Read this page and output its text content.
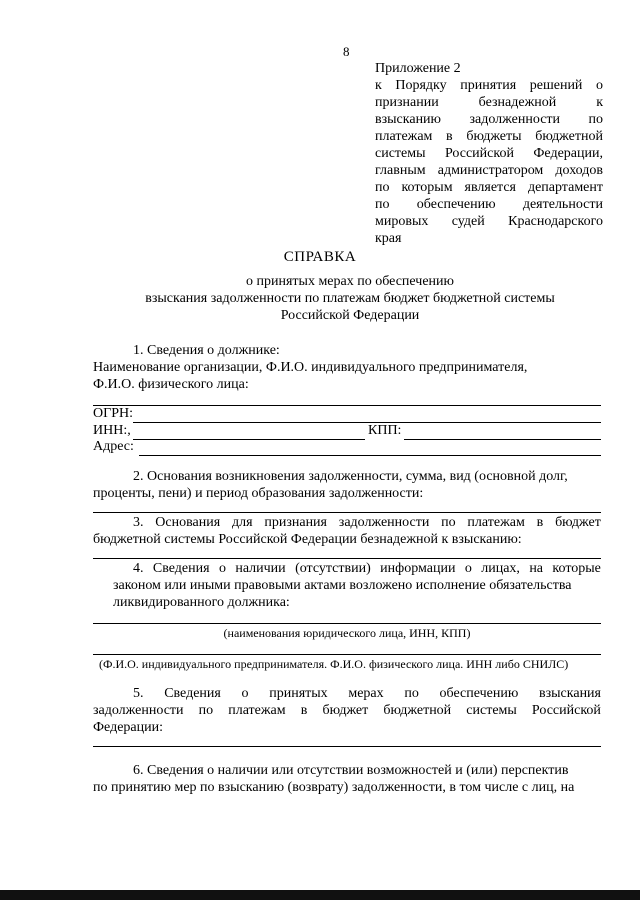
8
Приложение 2
к Порядку принятия решений о
признании безнадежной к
взысканию задолженности по
платежам в бюджеты бюджетной
системы Российской Федерации,
главным администратором доходов
по которым является департамент
по обеспечению деятельности
мировых судей Краснодарского
края
СПРАВКА
о принятых мерах по обеспечению
взыскания задолженности по платежам бюджет бюджетной системы
Российской Федерации
1. Сведения о должнике:
Наименование организации, Ф.И.О. индивидуального предпринимателя,
Ф.И.О. физического лица:
ОГРН:
ИНН:,	КПП:
Адрес:
2. Основания возникновения задолженности, сумма, вид (основной долг,
проценты, пени) и период образования задолженности:
3. Основания для признания задолженности по платежам в бюджет
бюджетной системы Российской Федерации безнадежной к взысканию:
4. Сведения о наличии (отсутствии) информации о лицах, на которые
законом или иными правовыми актами возложено исполнение обязательства
ликвидированного должника:
(наименования юридического лица, ИНН, КПП)
(Ф.И.О. индивидуального предпринимателя. Ф.И.О. физического лица. ИНН либо СНИЛС)
5. Сведения о принятых мерах по обеспечению взыскания
задолженности по платежам в бюджет бюджетной системы Российской
Федерации:
6. Сведения о наличии или отсутствии возможностей и (или) перспектив
по принятию мер по взысканию (возврату) задолженности, в том числе с лиц, на
